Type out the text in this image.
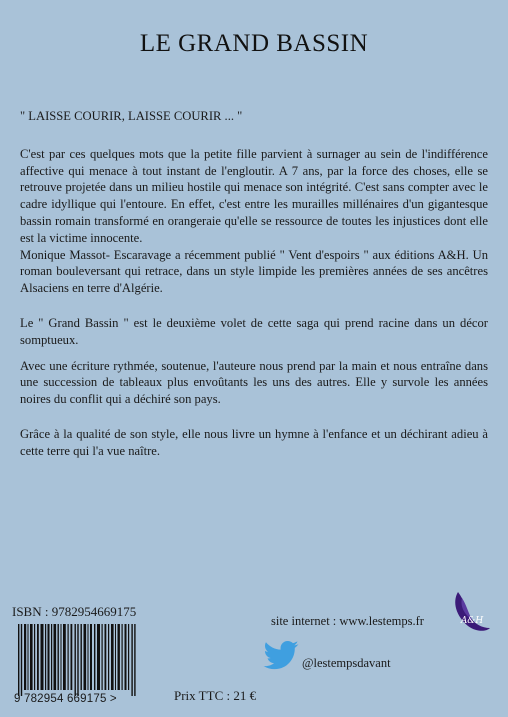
LE GRAND BASSIN

" LAISSE COURIR, LAISSE COURIR ... "

C'est par ces quelques mots que la petite fille parvient à surnager au sein de l'indifférence affective qui menace à tout instant de l'engloutir. A 7 ans, par la force des choses, elle se retrouve projetée dans un milieu hostile qui menace son intégrité. C'est sans compter avec le cadre idyllique qui l'entoure. En effet, c'est entre les murailles millénaires d'un gigantesque bassin romain transformé en orangeraie qu'elle se ressource de toutes les injustices dont elle est la victime innocente.

Monique Massot- Escaravage a récemment publié " Vent d'espoirs " aux éditions A&H. Un roman bouleversant qui retrace, dans un style limpide les premières années de ses ancêtres Alsaciens en terre d'Algérie.

Le " Grand Bassin " est le deuxième volet de cette saga qui prend racine dans un décor somptueux.

Avec une écriture rythmée, soutenue, l'auteure nous prend par la main et nous entraîne dans une succession de tableaux plus envoûtants les uns des autres. Elle y survole les années noires du conflit qui a déchiré son pays.

Grâce à la qualité de son style, elle nous livre un hymne à l'enfance et un déchirant adieu à cette terre qui l'a vue naître.

ISBN : 9782954669175
9 782954 669175 >	Prix TTC : 21 €
site internet : www.lestemps.fr
@lestempsdavant
A&H
